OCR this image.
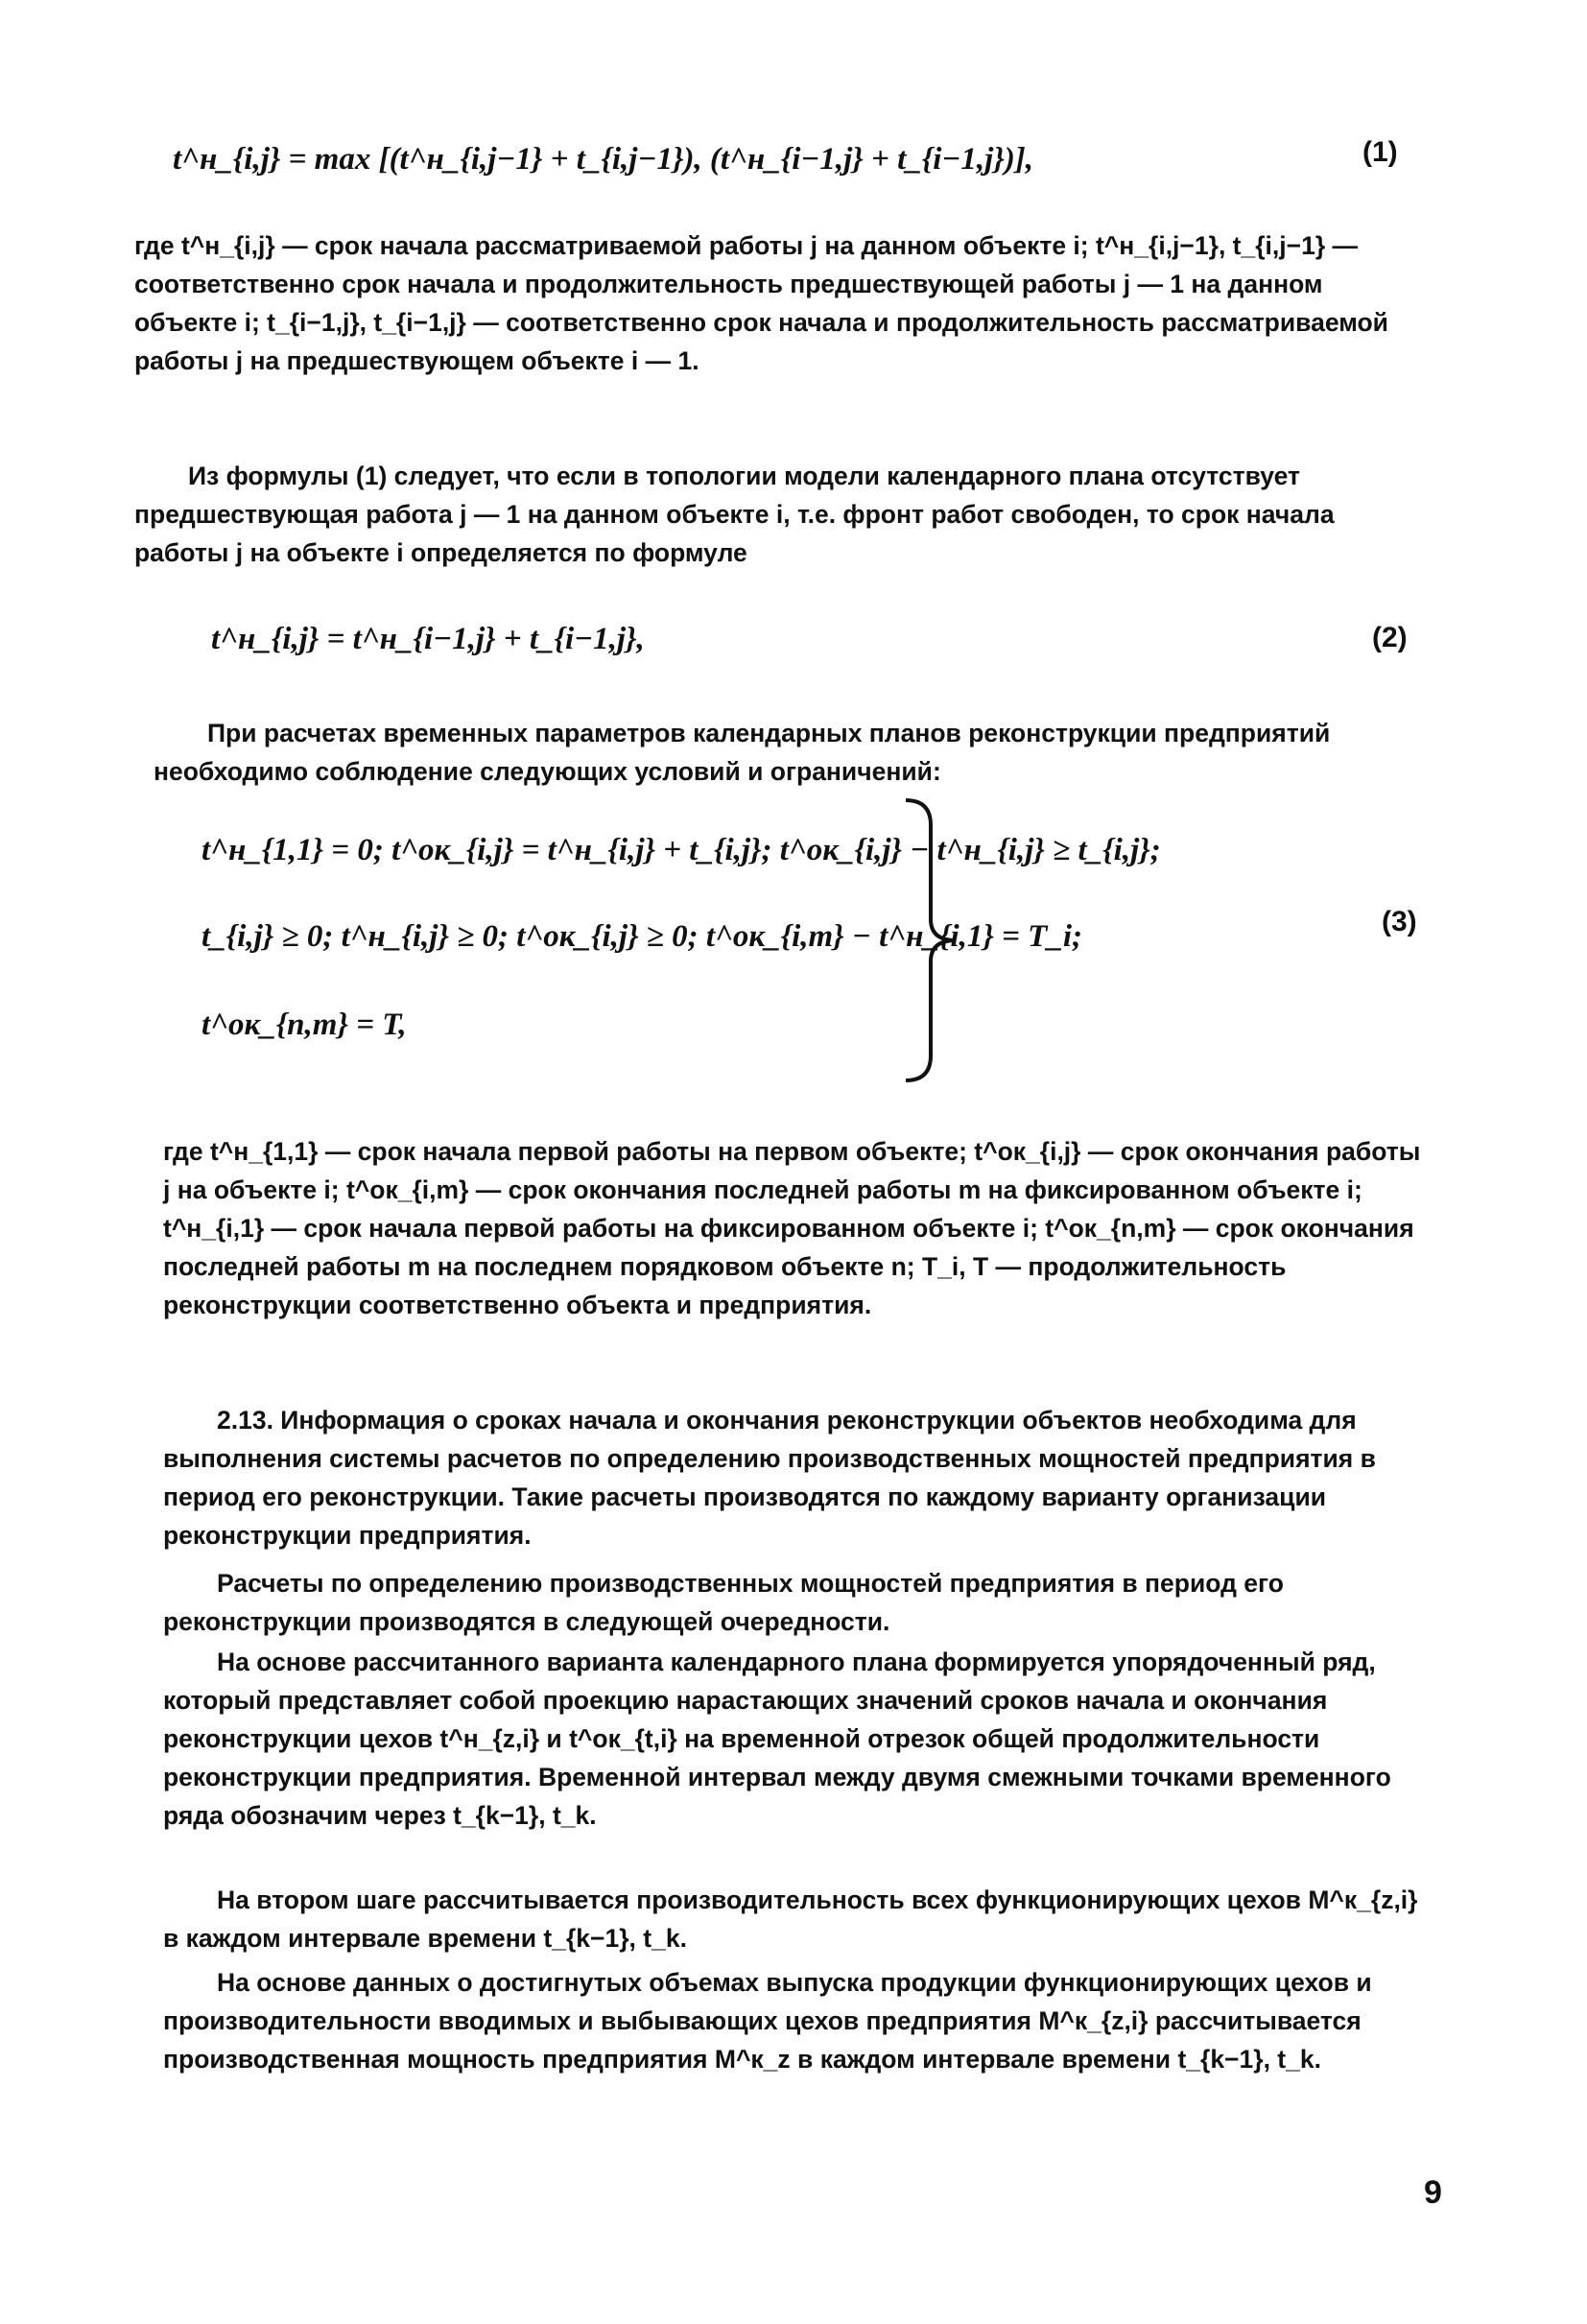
t^н_{i,j} = max [(t^н_{i,j−1} + t_{i,j−1}), (t^н_{i−1,j} + t_{i−1,j})],	(1)

где t^н_{i,j} — срок начала рассматриваемой работы j на данном объекте i; t^н_{i,j−1}, t_{i,j−1} — соответственно срок начала и продолжительность предшествующей работы j — 1 на данном объекте i; t_{i−1,j}, t_{i−1,j} — соответственно срок начала и продолжительность рассматриваемой работы j на предшествующем объекте i — 1.

Из формулы (1) следует, что если в топологии модели календарного плана отсутствует предшествующая работа j — 1 на данном объекте i, т.е. фронт работ свободен, то срок начала работы j на объекте i определяется по формуле

t^н_{i,j} = t^н_{i−1,j} + t_{i−1,j},	(2)

При расчетах временных параметров календарных планов реконструкции предприятий необходимо соблюдение следующих условий и ограничений:

t^н_{1,1} = 0; t^ок_{i,j} = t^н_{i,j} + t_{i,j}; t^ок_{i,j} − t^н_{i,j} ≥ t_{i,j};
t_{i,j} ≥ 0; t^н_{i,j} ≥ 0; t^ок_{i,j} ≥ 0; t^ок_{i,m} − t^н_{i,1} = T_i;
t^ок_{n,m} = T,
(3)

где t^н_{1,1} — срок начала первой работы на первом объекте; t^ок_{i,j} — срок окончания работы j на объекте i; t^ок_{i,m} — срок окончания последней работы m на фиксированном объекте i; t^н_{i,1} — срок начала первой работы на фиксированном объекте i; t^ок_{n,m} — срок окончания последней работы m на последнем порядковом объекте n; T_i, T — продолжительность реконструкции соответственно объекта и предприятия.

2.13. Информация о сроках начала и окончания реконструкции объектов необходима для выполнения системы расчетов по определению производственных мощностей предприятия в период его реконструкции. Такие расчеты производятся по каждому варианту организации реконструкции предприятия.

Расчеты по определению производственных мощностей предприятия в период его реконструкции производятся в следующей очередности.

На основе рассчитанного варианта календарного плана формируется упорядоченный ряд, который представляет собой проекцию нарастающих значений сроков начала и окончания реконструкции цехов t^н_{z,i} и t^ок_{t,i} на временной отрезок общей продолжительности реконструкции предприятия. Временной интервал между двумя смежными точками временного ряда обозначим через t_{k−1}, t_k.

На втором шаге рассчитывается производительность всех функционирующих цехов M^к_{z,i} в каждом интервале времени t_{k−1}, t_k.

На основе данных о достигнутых объемах выпуска продукции функционирующих цехов и производительности вводимых и выбывающих цехов предприятия M^к_{z,i} рассчитывается производственная мощность предприятия M^к_z в каждом интервале времени t_{k−1}, t_k.

9
